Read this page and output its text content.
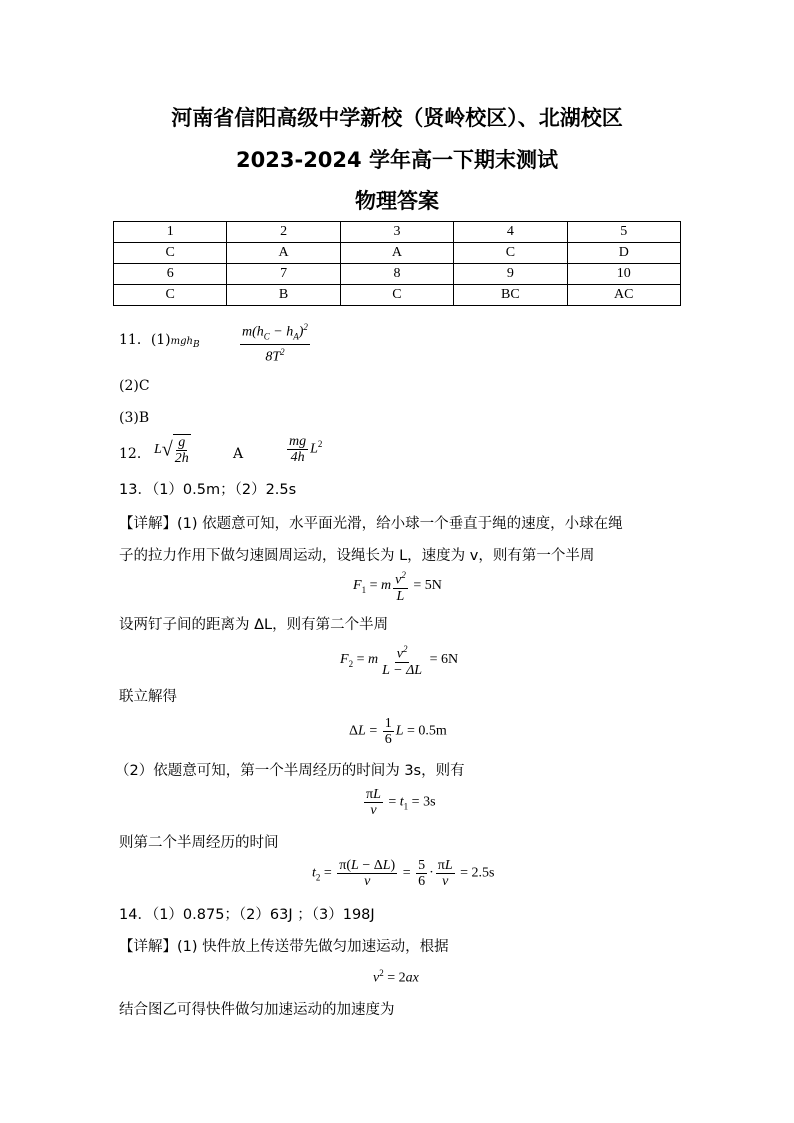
河南省信阳高级中学新校（贤岭校区）、北湖校区
2023-2024 学年高一下期末测试
物理答案
1	2	3	4	5
C	A	A	C	D
6	7	8	9	10
C	B	C	BC	AC
11．(1)mgh$_B$	$\frac{m(h_C - h_A)^2}{8T^2}$
(2)C
(3)B
12． $L√ \frac{g}{2h}$	A	$\frac{mg}{4h} L^2$
13．（1）0.5m；（2）2.5s
【详解】(1) 依题意可知，水平面光滑，给小球一个垂直于绳的速度，小球在绳
子的拉力作用下做匀速圆周运动，设绳长为 L，速度为 v，则有第一个半周
$F_1 = m \frac{v^2}{L} = 5N$
设两钉子间的距离为 ΔL，则有第二个半周
$F_2 = m \frac{v^2}{L - \Delta L} = 6N$
联立解得
$\Delta L = \frac{1}{6}$ L = 0.5m
（2）依题意可知，第一个半周经历的时间为 3s，则有
$\frac{\pi L}{v} = t_1 = 3s$
则第二个半周经历的时间
$t_2 = \frac{\pi(L - \Delta L)}{v} = \frac{5}{6} \cdot \frac{\pi L}{v} = 2.5s$
14．（1）0.875；（2）63J ；（3）198J
【详解】(1) 快件放上传送带先做匀加速运动，根据
$v^2 = 2ax$
结合图乙可得快件做匀加速运动的加速度为
